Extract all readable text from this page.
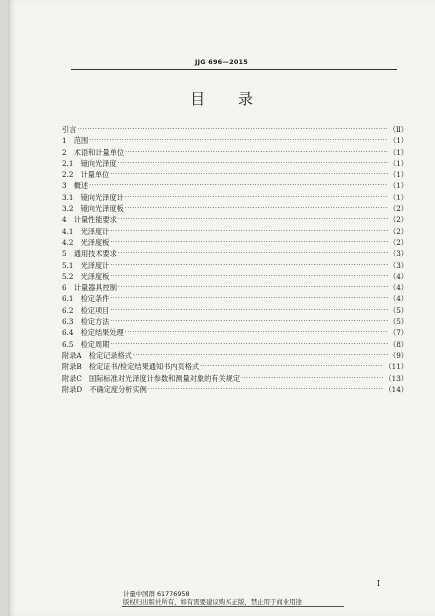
JJG 696—2015
目 录
引言 ·····	（Ⅱ）
1　范围 ·····	（1）
2　术语和计量单位 ·····	（1）
2.1　镜向光泽度 ·····	（1）
2.2　计量单位 ·····	（1）
3　概述 ·····	（1）
3.1　镜向光泽度计 ·····	（1）
3.2　镜向光泽度板 ·····	（2）
4　计量性能要求 ·····	（2）
4.1　光泽度计 ·····	（2）
4.2　光泽度板 ·····	（2）
5　通用技术要求 ·····	（3）
5.1　光泽度计 ·····	（3）
5.2　光泽度板 ·····	（4）
6　计量器具控制 ·····	（4）
6.1　检定条件 ·····	（4）
6.2　检定项目 ·····	（5）
6.3　检定方法 ·····	（5）
6.4　检定结果处理 ·····	（7）
6.5　检定周期 ·····	（8）
附录A　检定记录格式 ·····	（9）
附录B　检定证书/检定结果通知书内页格式 ·····	（11）
附录C　国际标准对光泽度计参数和测量对象的有关规定 ·····	（13）
附录D　不确定度分析实例 ·····	（14）
I
计量中国群 61776958
版权归出版社所有，如有需要建议购买正版，禁止用于商业用途
